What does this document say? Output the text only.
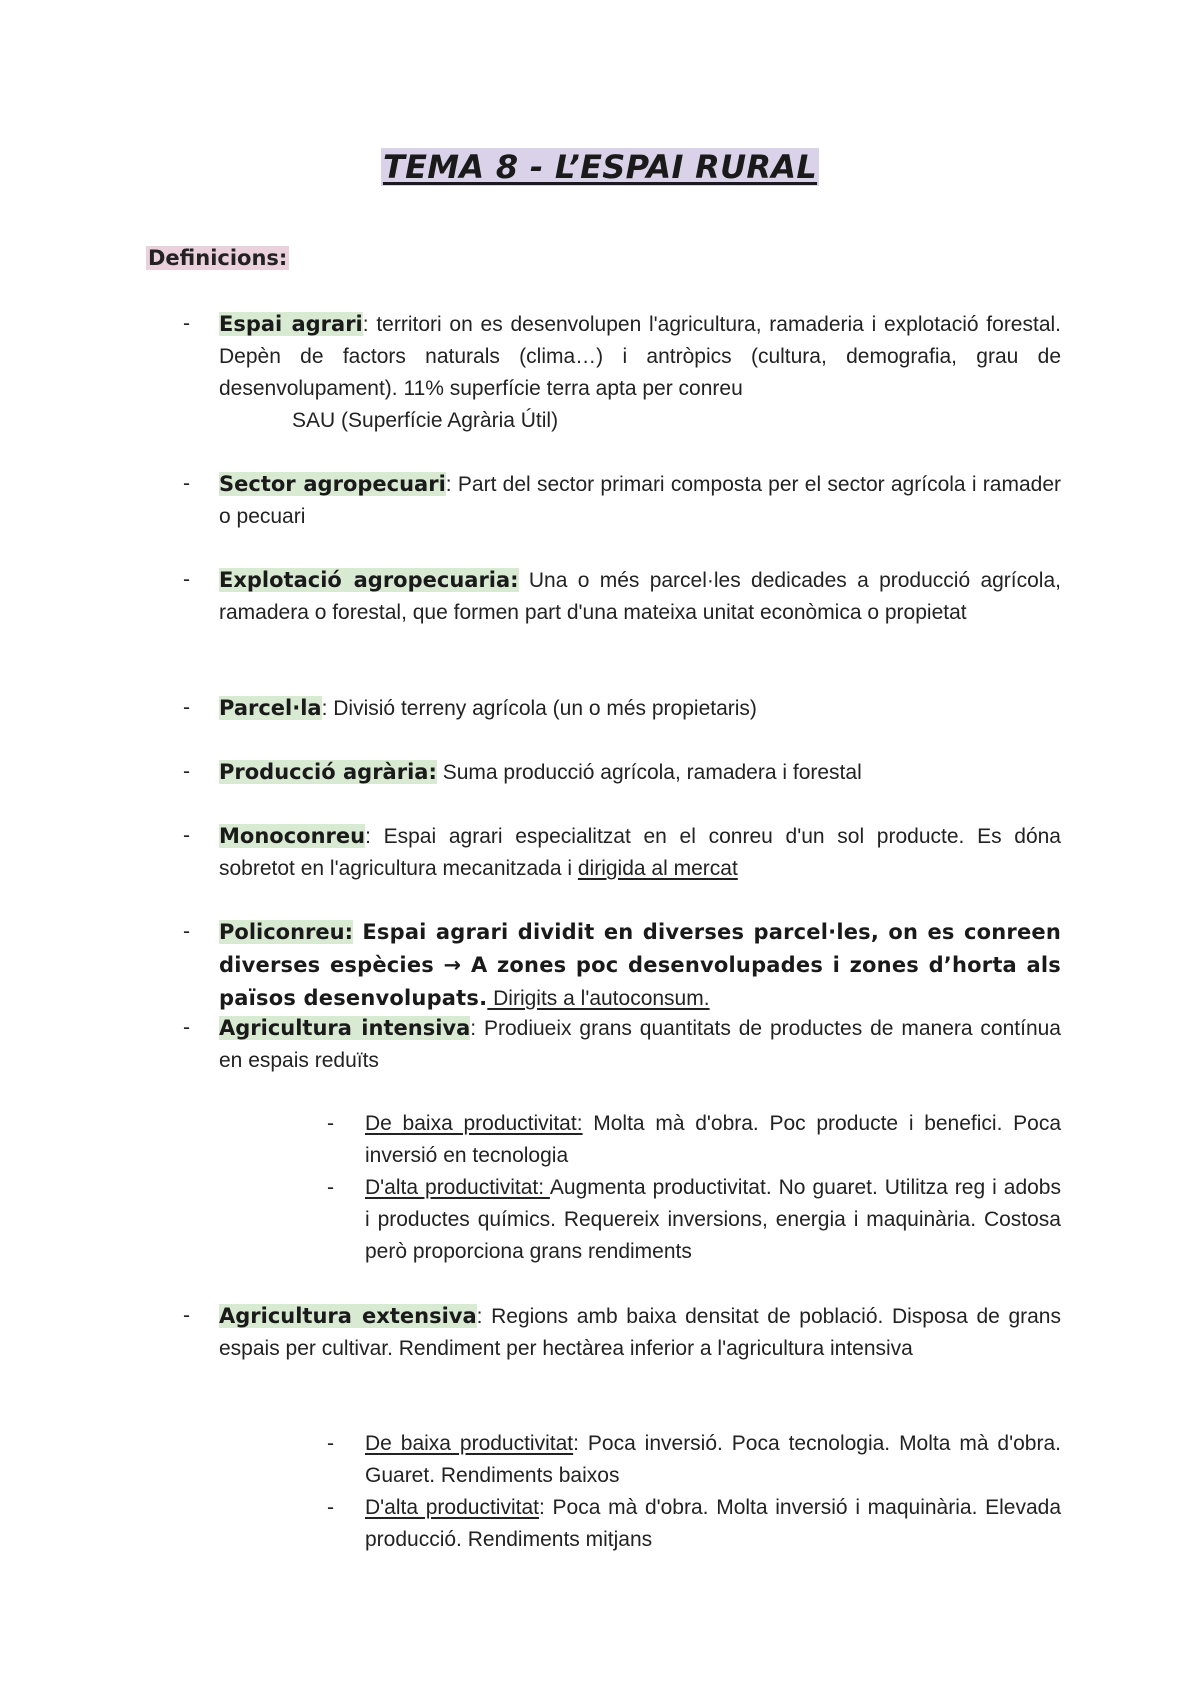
TEMA 8 - L’ESPAI RURAL

Definicions:

-	Espai agrari: territori on es desenvolupen l'agricultura, ramaderia i explotació forestal. Depèn de factors naturals (clima…) i antròpics (cultura, demografia, grau de desenvolupament). 11% superfície terra apta per conreu

SAU (Superfície Agrària Útil)
-	Sector agropecuari: Part del sector primari composta per el sector agrícola i ramader o pecuari

-	Explotació agropecuaria: Una o més parcel·les dedicades a producció agrícola, ramadera o forestal, que formen part d'una mateixa unitat econòmica o propietat

-	Parcel·la: Divisió terreny agrícola (un o més propietaris)

-	Producció agrària: Suma producció agrícola, ramadera i forestal

-	Monoconreu: Espai agrari especialitzat en el conreu d'un sol producte. Es dóna sobretot en l'agricultura mecanitzada i dirigida al mercat

-	Policonreu: Espai agrari dividit en diverses parcel·les, on es conreen diverses espècies → A zones poc desenvolupades i zones d’horta als països desenvolupats. Dirigits a l'autoconsum.

-	Agricultura intensiva: Prodiueix grans quantitats de productes de manera contínua en espais reduïts

-	De baixa productivitat: Molta mà d'obra. Poc producte i benefici. Poca inversió en tecnologia

-	D'alta productivitat: Augmenta productivitat. No guaret. Utilitza reg i adobs i productes químics. Requereix inversions, energia i maquinària. Costosa però proporciona grans rendiments

-	Agricultura extensiva: Regions amb baixa densitat de població. Disposa de grans espais per cultivar. Rendiment per hectàrea inferior a l'agricultura intensiva

-	De baixa productivitat: Poca inversió. Poca tecnologia. Molta mà d'obra. Guaret. Rendiments baixos

-	D'alta productivitat: Poca mà d'obra. Molta inversió i maquinària. Elevada producció. Rendiments mitjans
